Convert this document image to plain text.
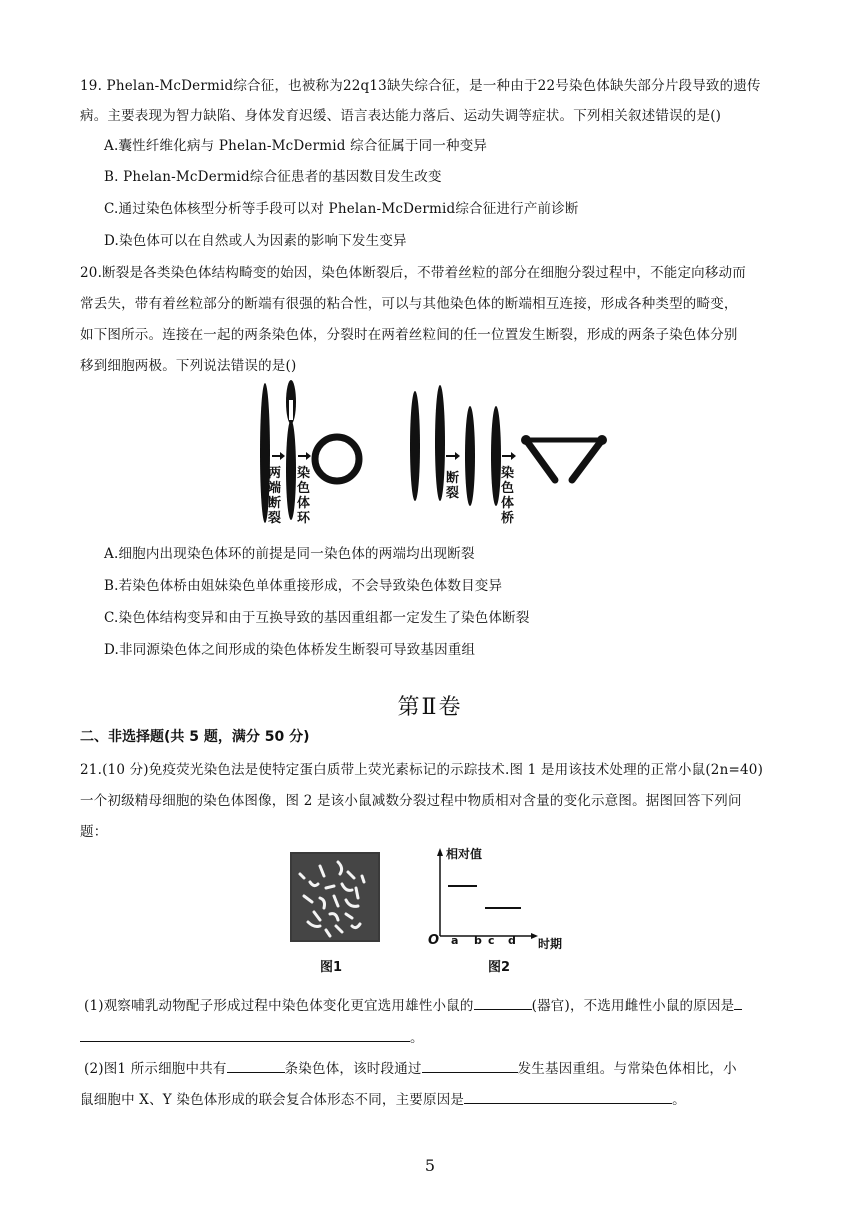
19. Phelan-McDermid综合征，也被称为22q13缺失综合征，是一种由于22号染色体缺失部分片段导致的遗传
病。主要表现为智力缺陷、身体发育迟缓、语言表达能力落后、运动失调等症状。下列相关叙述错误的是()
A.囊性纤维化病与 Phelan-McDermid 综合征属于同一种变异
B. Phelan-McDermid综合征患者的基因数目发生改变
C.通过染色体核型分析等手段可以对 Phelan-McDermid综合征进行产前诊断
D.染色体可以在自然或人为因素的影响下发生变异
20.断裂是各类染色体结构畸变的始因，染色体断裂后，不带着丝粒的部分在细胞分裂过程中，不能定向移动而
常丢失，带有着丝粒部分的断端有很强的粘合性，可以与其他染色体的断端相互连接，形成各种类型的畸变，
如下图所示。连接在一起的两条染色体，分裂时在两着丝粒间的任一位置发生断裂，形成的两条子染色体分别
移到细胞两极。下列说法错误的是()
两
端
断
裂
染
色
体
环
断
裂
染
色
体
桥
A.细胞内出现染色体环的前提是同一染色体的两端均出现断裂
B.若染色体桥由姐妹染色单体重接形成，不会导致染色体数目变异
C.染色体结构变异和由于互换导致的基因重组都一定发生了染色体断裂
D.非同源染色体之间形成的染色体桥发生断裂可导致基因重组
第Ⅱ卷
二、非选择题(共 5 题，满分 50 分)
21.(10 分)免疫荧光染色法是使特定蛋白质带上荧光素标记的示踪技术.图 1 是用该技术处理的正常小鼠(2n=40)
一个初级精母细胞的染色体图像，图 2 是该小鼠减数分裂过程中物质相对含量的变化示意图。据图回答下列问
题：
图1
相对值
O a b c d 时期
图2
(1)观察哺乳动物配子形成过程中染色体变化更宜选用雄性小鼠的	(器官)，不选用雌性小鼠的原因是
。
(2)图1 所示细胞中共有	条染色体，该时段通过	发生基因重组。与常染色体相比，小
鼠细胞中 X、Y 染色体形成的联会复合体形态不同，主要原因是	。
5
